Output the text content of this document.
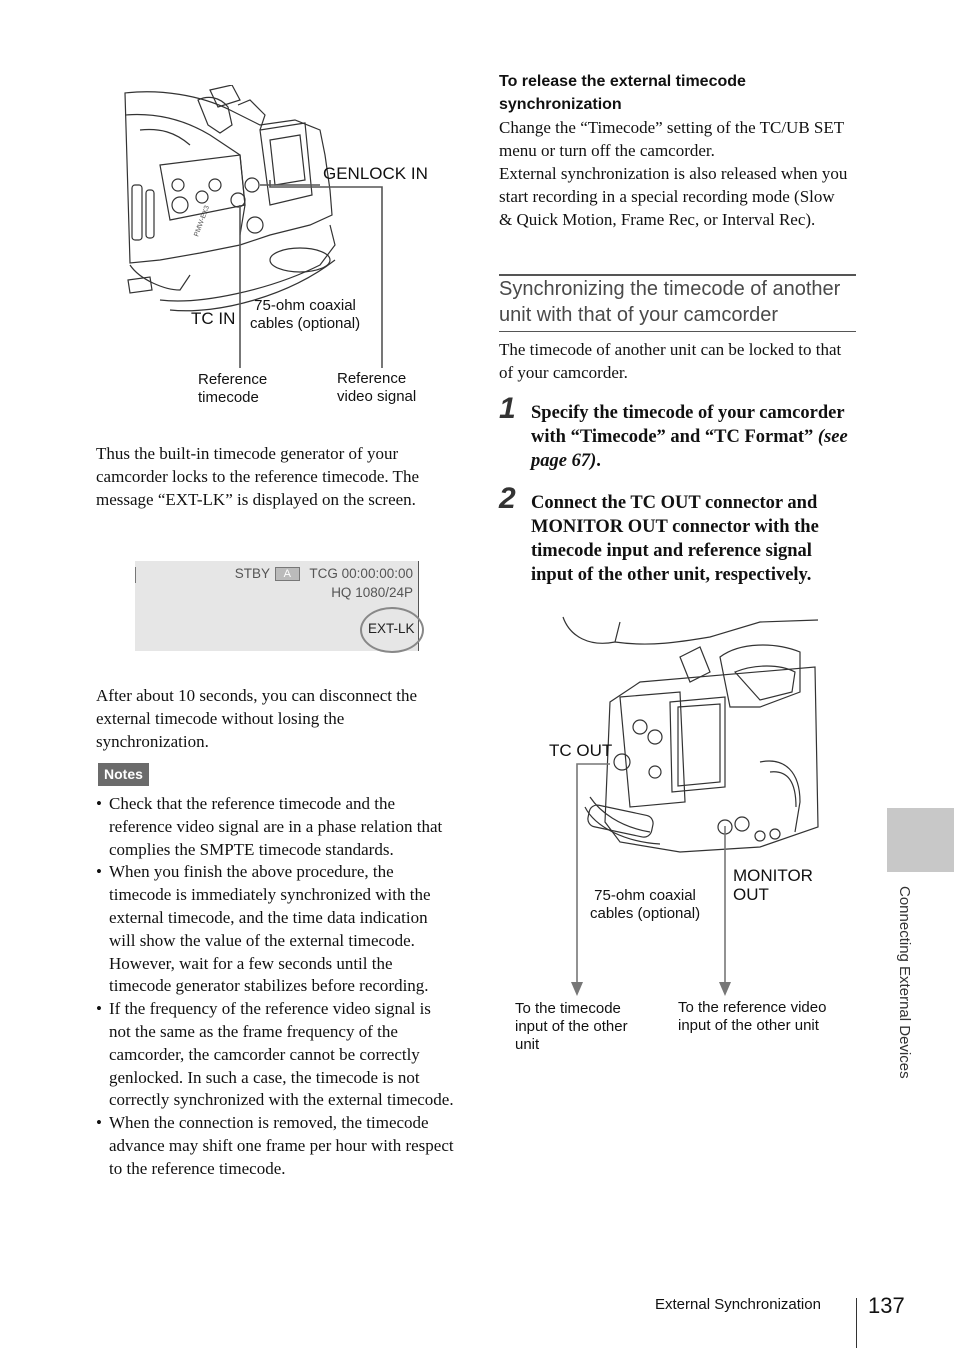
PMW-EX3
GENLOCK IN
TC IN
75-ohm coaxial
cables (optional)
Reference
timecode
Reference
video signal
Thus the built-in timecode generator of your camcorder locks to the reference timecode. The message “EXT-LK” is displayed on the screen.
STBY A TCG 00:00:00:00
HQ 1080/24P
EXT-LK
After about 10 seconds, you can disconnect the external timecode without losing the synchronization.
Notes
• Check that the reference timecode and the reference video signal are in a phase relation that complies the SMPTE timecode standards.
• When you finish the above procedure, the timecode is immediately synchronized with the external timecode, and the time data indication will show the value of the external timecode. However, wait for a few seconds until the timecode generator stabilizes before recording.
• If the frequency of the reference video signal is not the same as the frame frequency of the camcorder, the camcorder cannot be correctly genlocked. In such a case, the timecode is not correctly synchronized with the external timecode.
• When the connection is removed, the timecode advance may shift one frame per hour with respect to the reference timecode.
To release the external timecode synchronization
Change the “Timecode” setting of the TC/UB SET menu or turn off the camcorder.
External synchronization is also released when you start recording in a special recording mode (Slow & Quick Motion, Frame Rec, or Interval Rec).
Synchronizing the timecode of another unit with that of your camcorder
The timecode of another unit can be locked to that of your camcorder.
1 Specify the timecode of your camcorder with “Timecode” and “TC Format” (see page 67).
2 Connect the TC OUT connector and MONITOR OUT connector with the timecode input and reference signal input of the other unit, respectively.
TC OUT
MONITOR
OUT
75-ohm coaxial
cables (optional)
To the timecode
input of the other
unit
To the reference video
input of the other unit	Connecting External Devices
External Synchronization 137
